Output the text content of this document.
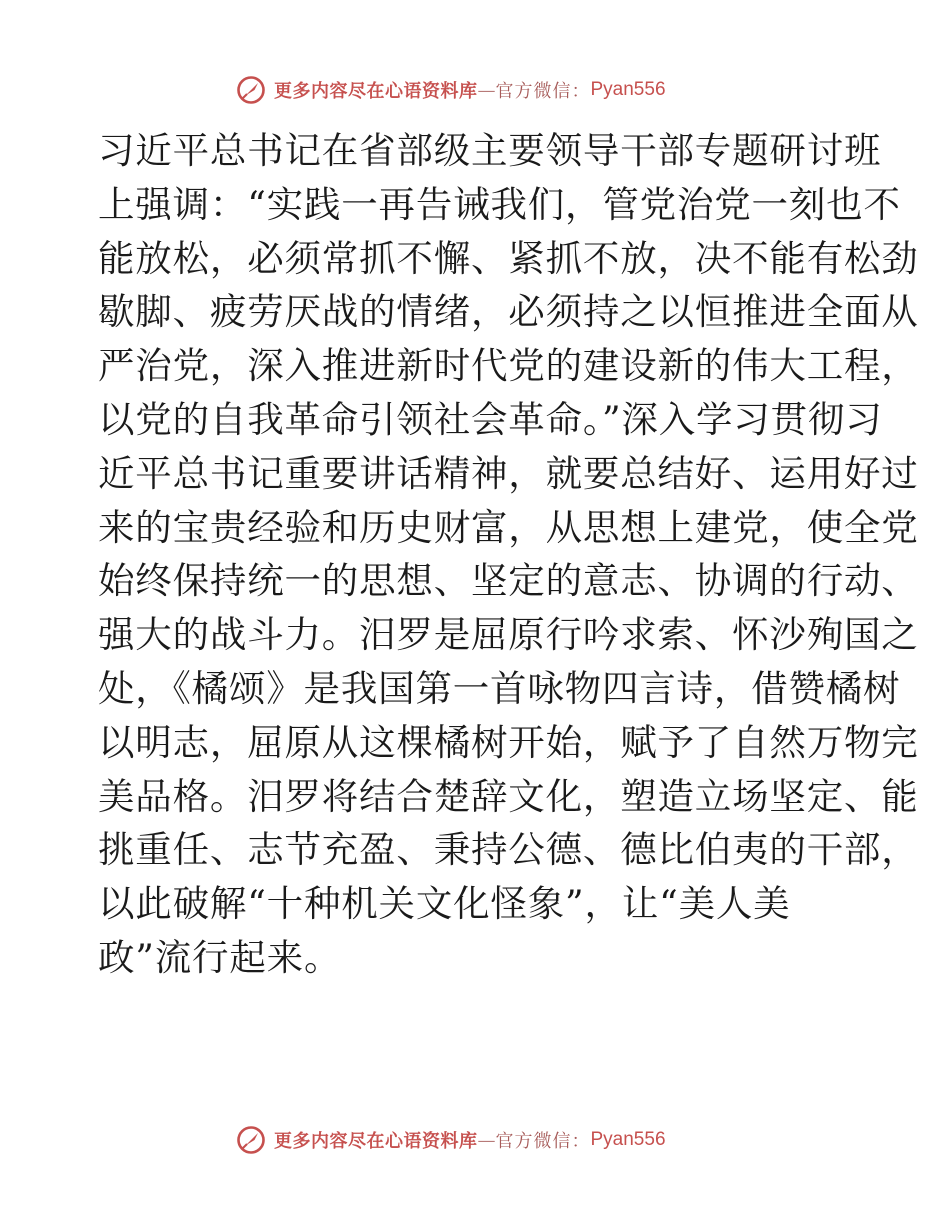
更多内容尽在心语资料库 — 官方微信： Pyan556
习近平总书记在省部级主要领导干部专题研讨班
上强调：“实践一再告诫我们，管党治党一刻也不
能放松，必须常抓不懈、紧抓不放，决不能有松劲
歇脚、疲劳厌战的情绪，必须持之以恒推进全面从
严治党，深入推进新时代党的建设新的伟大工程，
以党的自我革命引领社会革命。”深入学习贯彻习
近平总书记重要讲话精神，就要总结好、运用好过
来的宝贵经验和历史财富，从思想上建党，使全党
始终保持统一的思想、坚定的意志、协调的行动、
强大的战斗力。汨罗是屈原行吟求索、怀沙殉国之
处，《橘颂》是我国第一首咏物四言诗，借赞橘树
以明志，屈原从这棵橘树开始，赋予了自然万物完
美品格。汨罗将结合楚辞文化，塑造立场坚定、能
挑重任、志节充盈、秉持公德、德比伯夷的干部，
以此破解“十种机关文化怪象”，让“美人美
政”流行起来。
更多内容尽在心语资料库 — 官方微信： Pyan556
